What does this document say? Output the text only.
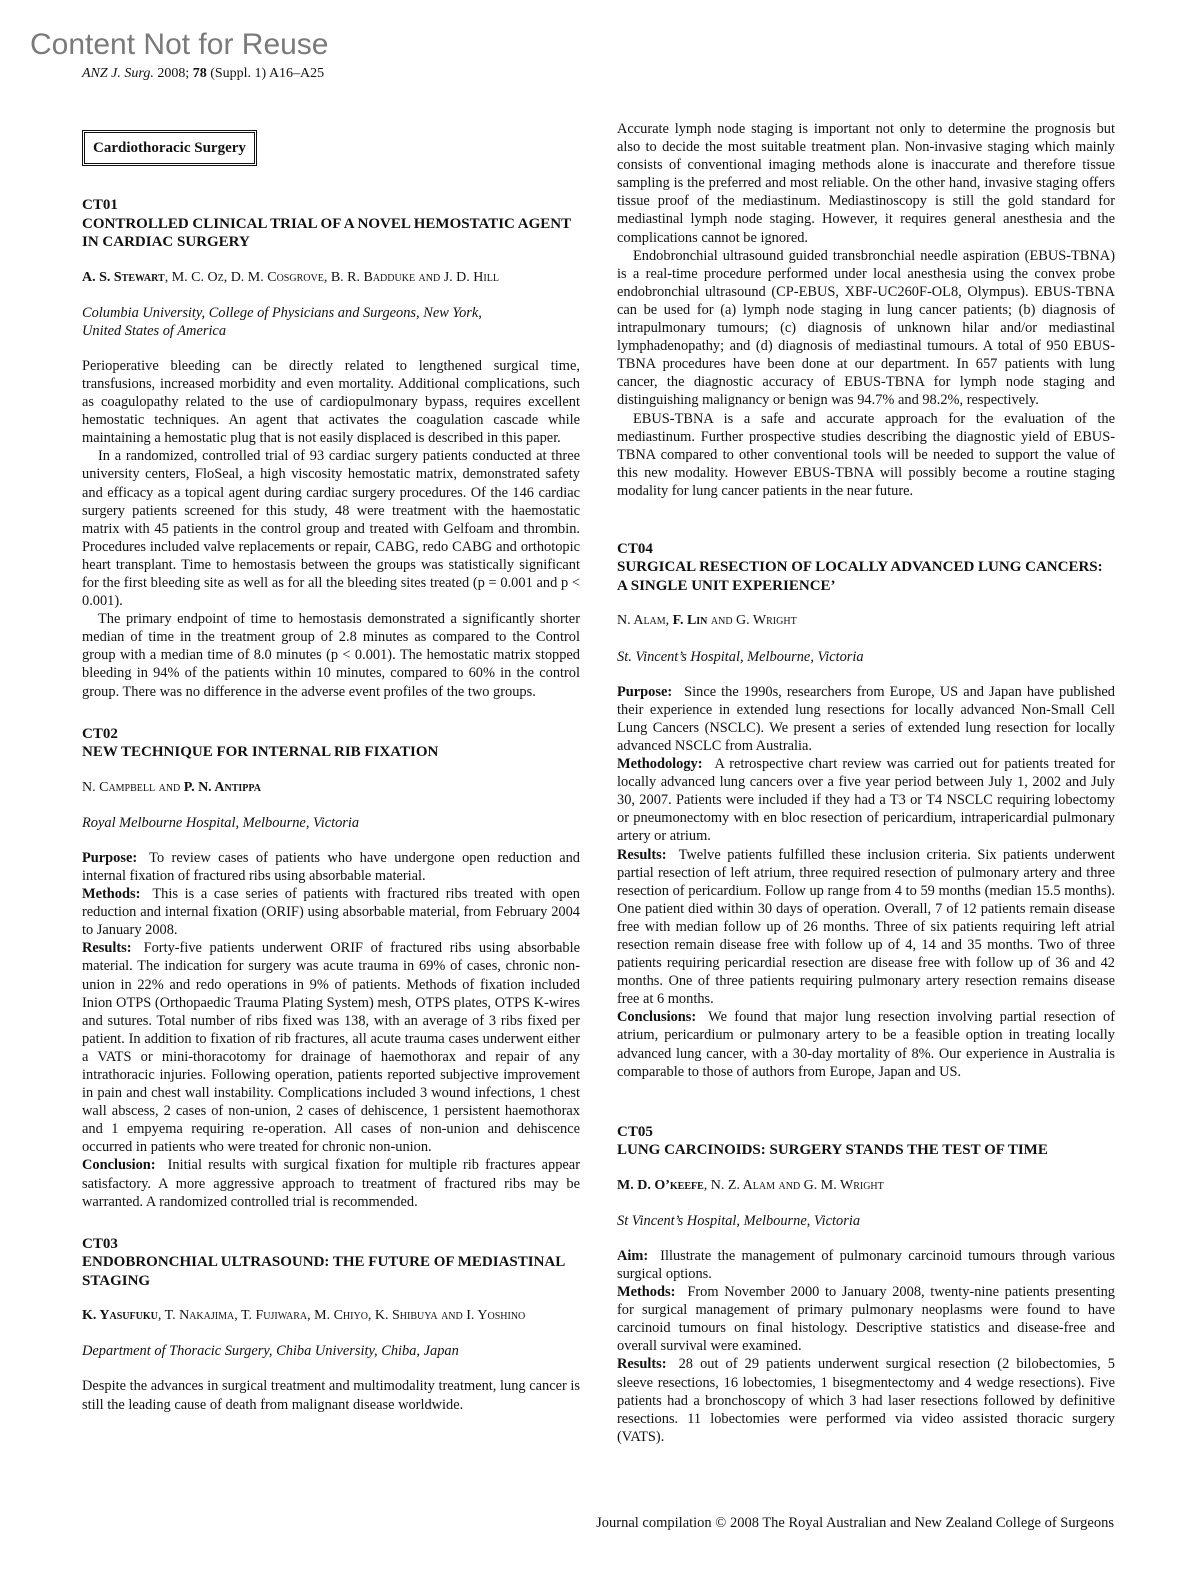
Content Not for Reuse
ANZ J. Surg. 2008; 78 (Suppl. 1) A16–A25
Cardiothoracic Surgery
CT01
CONTROLLED CLINICAL TRIAL OF A NOVEL HEMOSTATIC AGENT IN CARDIAC SURGERY
A. S. Stewart, M. C. Oz, D. M. Cosgrove, B. R. Badduke and J. D. Hill
Columbia University, College of Physicians and Surgeons, New York,
United States of America

Perioperative bleeding can be directly related to lengthened surgical time, transfusions, increased morbidity and even mortality. Additional complications, such as coagulopathy related to the use of cardiopulmonary bypass, requires excellent hemostatic techniques. An agent that activates the coagulation cascade while maintaining a hemostatic plug that is not easily displaced is described in this paper.

In a randomized, controlled trial of 93 cardiac surgery patients conducted at three university centers, FloSeal, a high viscosity hemostatic matrix, demonstrated safety and efficacy as a topical agent during cardiac surgery procedures. Of the 146 cardiac surgery patients screened for this study, 48 were treatment with the haemostatic matrix with 45 patients in the control group and treated with Gelfoam and thrombin. Procedures included valve replacements or repair, CABG, redo CABG and orthotopic heart transplant. Time to hemostasis between the groups was statistically significant for the first bleeding site as well as for all the bleeding sites treated (p = 0.001 and p < 0.001).

The primary endpoint of time to hemostasis demonstrated a significantly shorter median of time in the treatment group of 2.8 minutes as compared to the Control group with a median time of 8.0 minutes (p < 0.001). The hemostatic matrix stopped bleeding in 94% of the patients within 10 minutes, compared to 60% in the control group. There was no difference in the adverse event profiles of the two groups.

CT02
NEW TECHNIQUE FOR INTERNAL RIB FIXATION
N. Campbell and P. N. Antippa
Royal Melbourne Hospital, Melbourne, Victoria

Purpose: To review cases of patients who have undergone open reduction and internal fixation of fractured ribs using absorbable material.

Methods: This is a case series of patients with fractured ribs treated with open reduction and internal fixation (ORIF) using absorbable material, from February 2004 to January 2008.

Results: Forty-five patients underwent ORIF of fractured ribs using absorbable material. The indication for surgery was acute trauma in 69% of cases, chronic non-union in 22% and redo operations in 9% of patients. Methods of fixation included Inion OTPS (Orthopaedic Trauma Plating System) mesh, OTPS plates, OTPS K-wires and sutures. Total number of ribs fixed was 138, with an average of 3 ribs fixed per patient. In addition to fixation of rib fractures, all acute trauma cases underwent either a VATS or mini-thoracotomy for drainage of haemothorax and repair of any intrathoracic injuries. Following operation, patients reported subjective improvement in pain and chest wall instability. Complications included 3 wound infections, 1 chest wall abscess, 2 cases of non-union, 2 cases of dehiscence, 1 persistent haemothorax and 1 empyema requiring re-operation. All cases of non-union and dehiscence occurred in patients who were treated for chronic non-union.

Conclusion: Initial results with surgical fixation for multiple rib fractures appear satisfactory. A more aggressive approach to treatment of fractured ribs may be warranted. A randomized controlled trial is recommended.

CT03
ENDOBRONCHIAL ULTRASOUND: THE FUTURE OF MEDIASTINAL STAGING
K. Yasufuku, T. Nakajima, T. Fujiwara, M. Chiyo, K. Shibuya and I. Yoshino
Department of Thoracic Surgery, Chiba University, Chiba, Japan

Despite the advances in surgical treatment and multimodality treatment, lung cancer is still the leading cause of death from malignant disease worldwide.

Accurate lymph node staging is important not only to determine the prognosis but also to decide the most suitable treatment plan. Non-invasive staging which mainly consists of conventional imaging methods alone is inaccurate and therefore tissue sampling is the preferred and most reliable. On the other hand, invasive staging offers tissue proof of the mediastinum. Mediastinoscopy is still the gold standard for mediastinal lymph node staging. However, it requires general anesthesia and the complications cannot be ignored.

Endobronchial ultrasound guided transbronchial needle aspiration (EBUS-TBNA) is a real-time procedure performed under local anesthesia using the convex probe endobronchial ultrasound (CP-EBUS, XBF-UC260F-OL8, Olympus). EBUS-TBNA can be used for (a) lymph node staging in lung cancer patients; (b) diagnosis of intrapulmonary tumours; (c) diagnosis of unknown hilar and/or mediastinal lymphadenopathy; and (d) diagnosis of mediastinal tumours. A total of 950 EBUS-TBNA procedures have been done at our department. In 657 patients with lung cancer, the diagnostic accuracy of EBUS-TBNA for lymph node staging and distinguishing malignancy or benign was 94.7% and 98.2%, respectively.

EBUS-TBNA is a safe and accurate approach for the evaluation of the mediastinum. Further prospective studies describing the diagnostic yield of EBUS-TBNA compared to other conventional tools will be needed to support the value of this new modality. However EBUS-TBNA will possibly become a routine staging modality for lung cancer patients in the near future.

CT04
SURGICAL RESECTION OF LOCALLY ADVANCED LUNG CANCERS: A SINGLE UNIT EXPERIENCE’
N. Alam, F. Lin and G. Wright
St. Vincent’s Hospital, Melbourne, Victoria

Purpose: Since the 1990s, researchers from Europe, US and Japan have published their experience in extended lung resections for locally advanced Non-Small Cell Lung Cancers (NSCLC). We present a series of extended lung resection for locally advanced NSCLC from Australia.

Methodology: A retrospective chart review was carried out for patients treated for locally advanced lung cancers over a five year period between July 1, 2002 and July 30, 2007. Patients were included if they had a T3 or T4 NSCLC requiring lobectomy or pneumonectomy with en bloc resection of pericardium, intrapericardial pulmonary artery or atrium.

Results: Twelve patients fulfilled these inclusion criteria. Six patients underwent partial resection of left atrium, three required resection of pulmonary artery and three resection of pericardium. Follow up range from 4 to 59 months (median 15.5 months). One patient died within 30 days of operation. Overall, 7 of 12 patients remain disease free with median follow up of 26 months. Three of six patients requiring left atrial resection remain disease free with follow up of 4, 14 and 35 months. Two of three patients requiring pericardial resection are disease free with follow up of 36 and 42 months. One of three patients requiring pulmonary artery resection remains disease free at 6 months.

Conclusions: We found that major lung resection involving partial resection of atrium, pericardium or pulmonary artery to be a feasible option in treating locally advanced lung cancer, with a 30-day mortality of 8%. Our experience in Australia is comparable to those of authors from Europe, Japan and US.

CT05
LUNG CARCINOIDS: SURGERY STANDS THE TEST OF TIME
M. D. O’keefe, N. Z. Alam and G. M. Wright
St Vincent’s Hospital, Melbourne, Victoria

Aim: Illustrate the management of pulmonary carcinoid tumours through various surgical options.

Methods: From November 2000 to January 2008, twenty-nine patients presenting for surgical management of primary pulmonary neoplasms were found to have carcinoid tumours on final histology. Descriptive statistics and disease-free and overall survival were examined.

Results: 28 out of 29 patients underwent surgical resection (2 bilobectomies, 5 sleeve resections, 16 lobectomies, 1 bisegmentectomy and 4 wedge resections). Five patients had a bronchoscopy of which 3 had laser resections followed by definitive resections. 11 lobectomies were performed via video assisted thoracic surgery (VATS).

Journal compilation © 2008 The Royal Australian and New Zealand College of Surgeons
